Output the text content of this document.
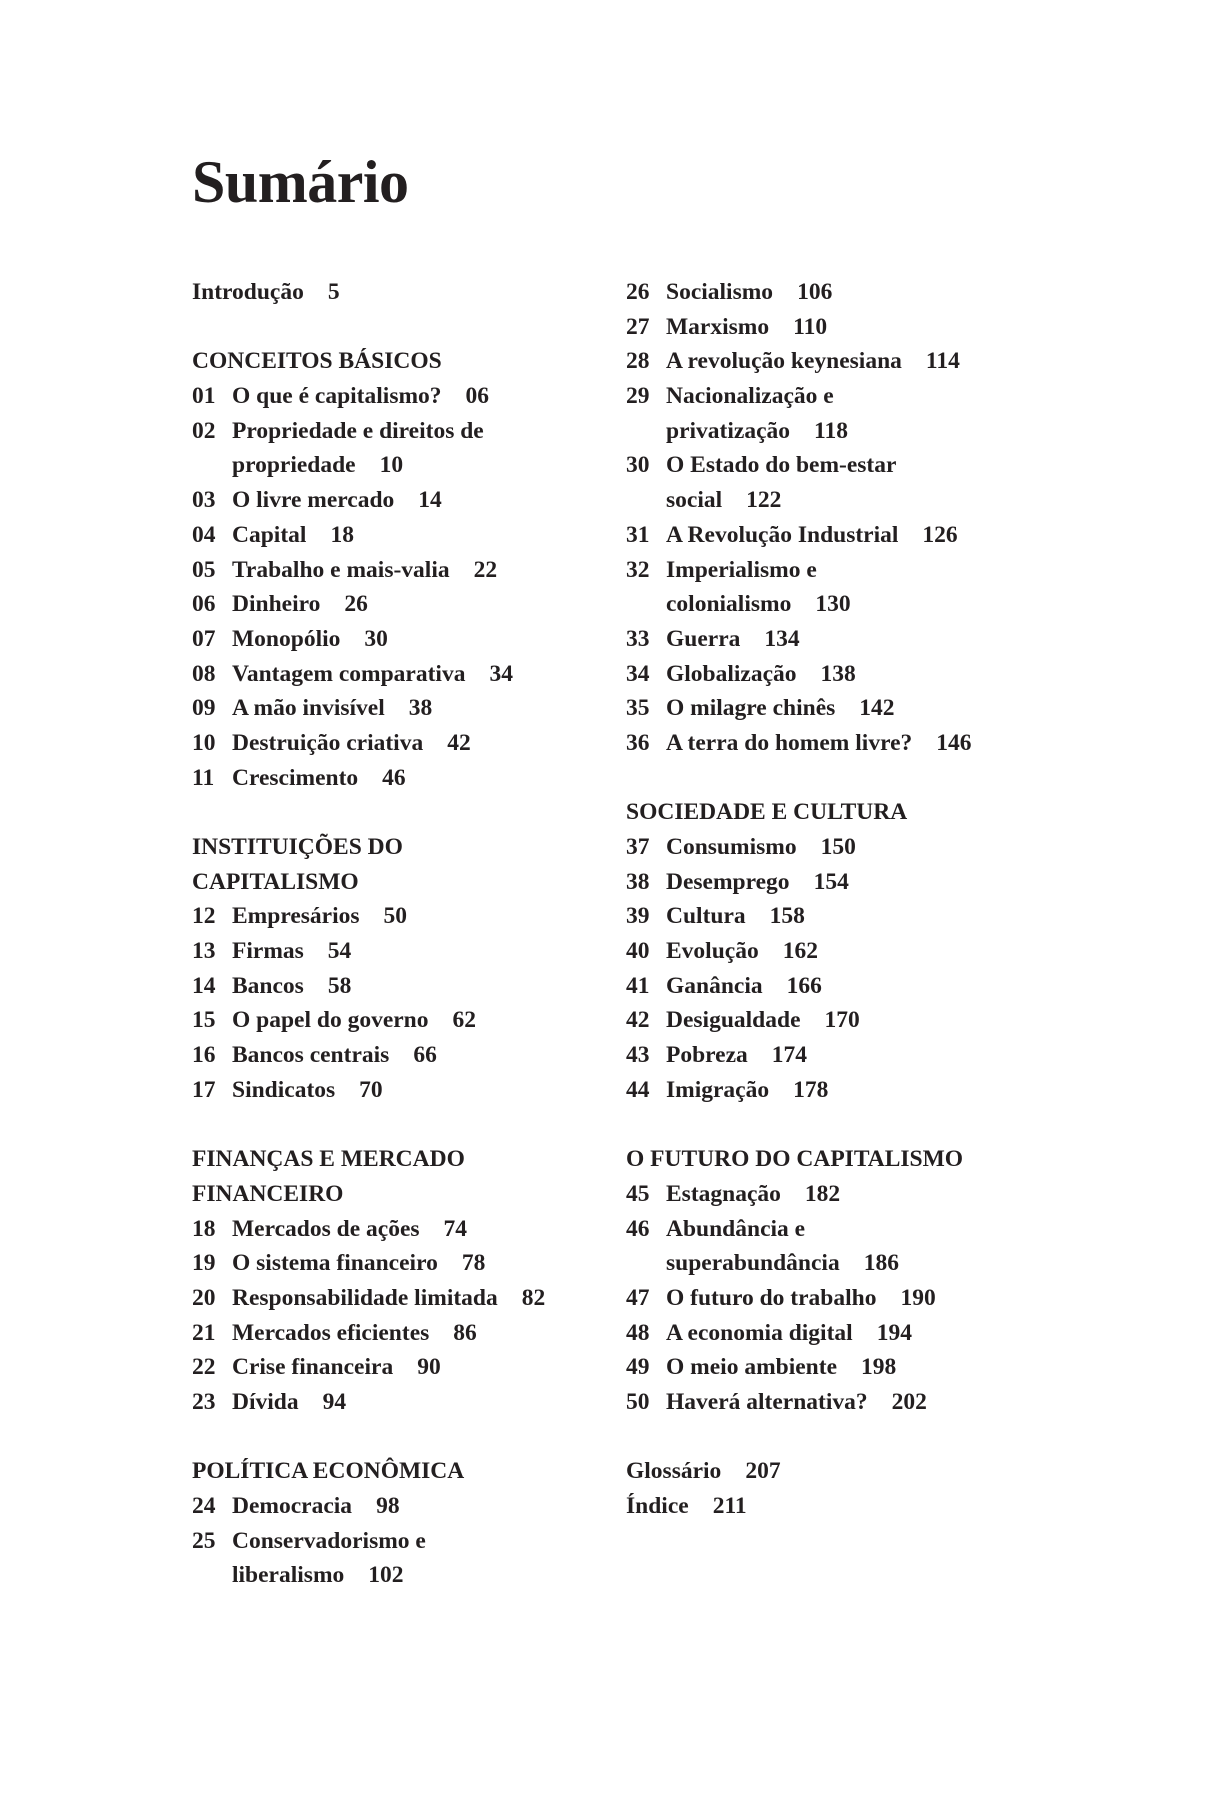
Sumário
Introdução 5
CONCEITOS BÁSICOS
01 O que é capitalismo? 06
02 Propriedade e direitos de
propriedade 10
03 O livre mercado 14
04 Capital 18
05 Trabalho e mais-valia 22
06 Dinheiro 26
07 Monopólio 30
08 Vantagem comparativa 34
09 A mão invisível 38
10 Destruição criativa 42
11 Crescimento 46
INSTITUIÇÕES DO
CAPITALISMO
12 Empresários 50
13 Firmas 54
14 Bancos 58
15 O papel do governo 62
16 Bancos centrais 66
17 Sindicatos 70
FINANÇAS E MERCADO
FINANCEIRO
18 Mercados de ações 74
19 O sistema financeiro 78
20 Responsabilidade limitada 82
21 Mercados eficientes 86
22 Crise financeira 90
23 Dívida 94
POLÍTICA ECONÔMICA
24 Democracia 98
25 Conservadorismo e
liberalismo 102
26 Socialismo 106
27 Marxismo 110
28 A revolução keynesiana 114
29 Nacionalização e
privatização 118
30 O Estado do bem-estar
social 122
31 A Revolução Industrial 126
32 Imperialismo e
colonialismo 130
33 Guerra 134
34 Globalização 138
35 O milagre chinês 142
36 A terra do homem livre? 146
SOCIEDADE E CULTURA
37 Consumismo 150
38 Desemprego 154
39 Cultura 158
40 Evolução 162
41 Ganância 166
42 Desigualdade 170
43 Pobreza 174
44 Imigração 178
O FUTURO DO CAPITALISMO
45 Estagnação 182
46 Abundância e
superabundância 186
47 O futuro do trabalho 190
48 A economia digital 194
49 O meio ambiente 198
50 Haverá alternativa? 202
Glossário 207
Índice 211
